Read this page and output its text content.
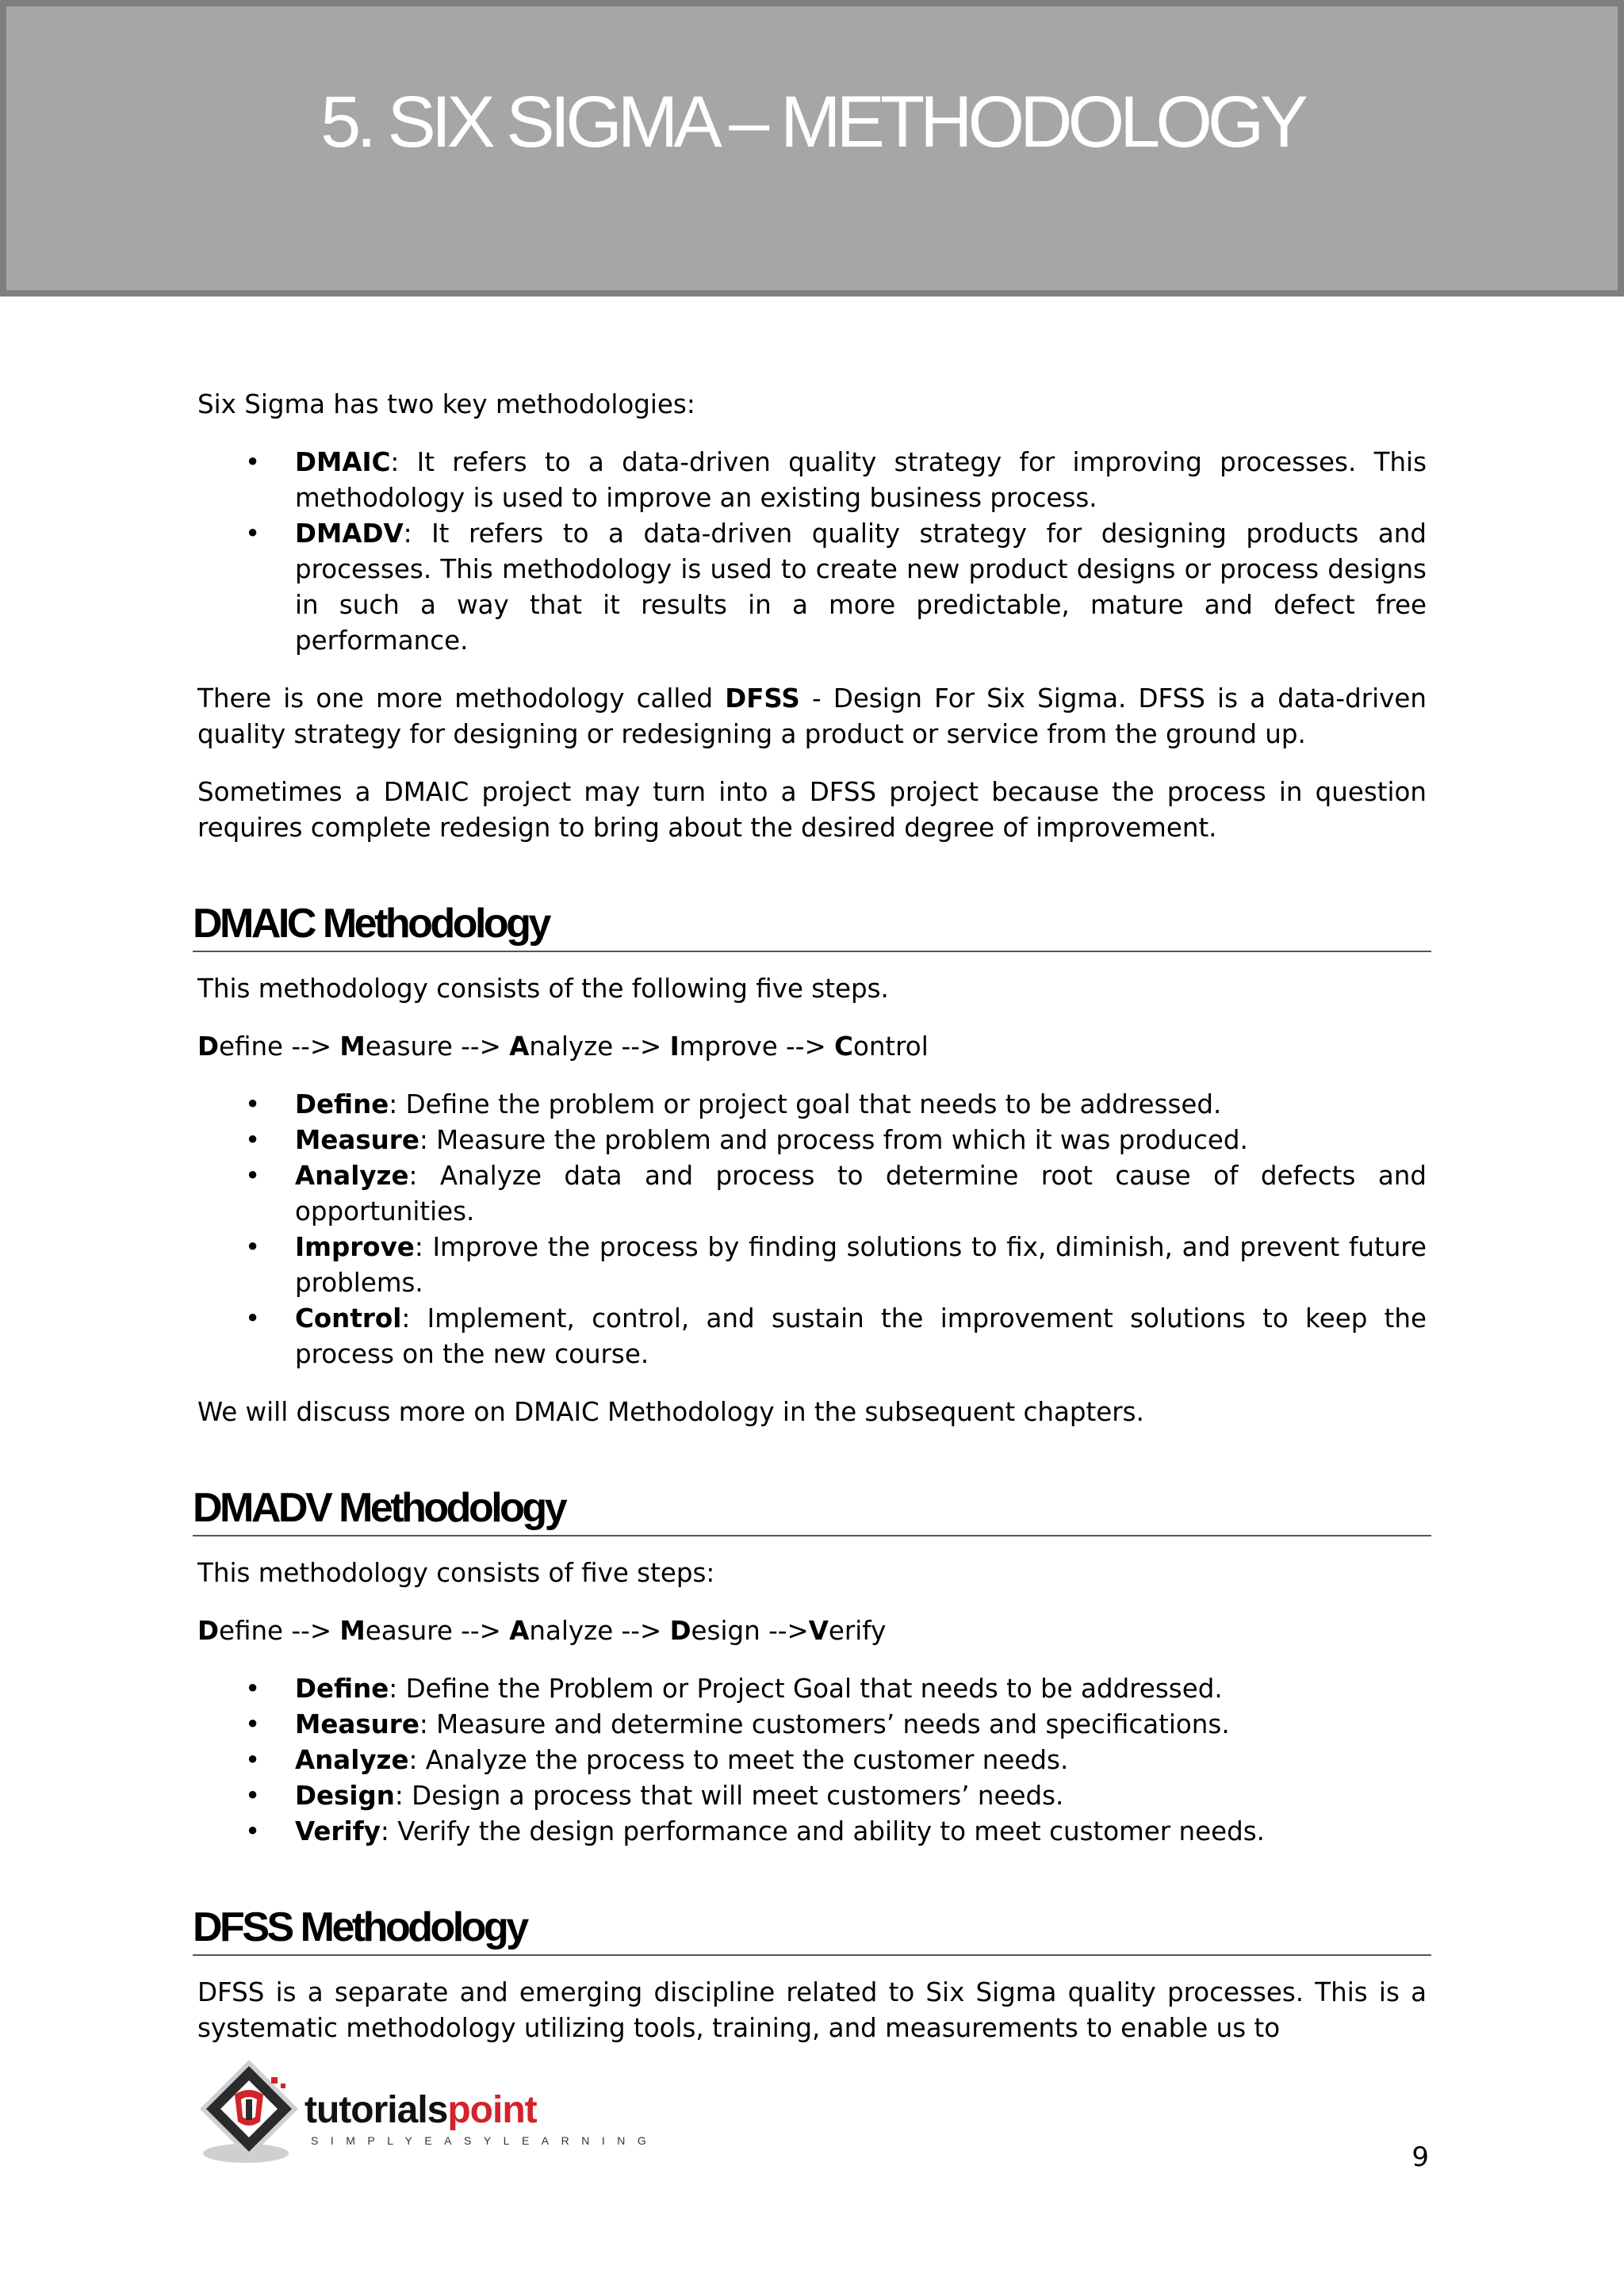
5. SIX SIGMA – METHODOLOGY

Six Sigma has two key methodologies:

• DMAIC: It refers to a data-driven quality strategy for improving processes. This methodology is used to improve an existing business process.
• DMADV: It refers to a data-driven quality strategy for designing products and processes. This methodology is used to create new product designs or process designs in such a way that it results in a more predictable, mature and defect free performance.

There is one more methodology called DFSS - Design For Six Sigma. DFSS is a data-driven quality strategy for designing or redesigning a product or service from the ground up.

Sometimes a DMAIC project may turn into a DFSS project because the process in question requires complete redesign to bring about the desired degree of improvement.

DMAIC Methodology

This methodology consists of the following five steps.

Define --> Measure --> Analyze --> Improve --> Control

• Define: Define the problem or project goal that needs to be addressed.
• Measure: Measure the problem and process from which it was produced.
• Analyze: Analyze data and process to determine root cause of defects and opportunities.
• Improve: Improve the process by finding solutions to fix, diminish, and prevent future problems.
• Control: Implement, control, and sustain the improvement solutions to keep the process on the new course.

We will discuss more on DMAIC Methodology in the subsequent chapters.

DMADV Methodology

This methodology consists of five steps:

Define --> Measure --> Analyze --> Design -->Verify

• Define: Define the Problem or Project Goal that needs to be addressed.
• Measure: Measure and determine customers’ needs and specifications.
• Analyze: Analyze the process to meet the customer needs.
• Design: Design a process that will meet customers’ needs.
• Verify: Verify the design performance and ability to meet customer needs.
DFSS Methodology

DFSS is a separate and emerging discipline related to Six Sigma quality processes. This is a systematic methodology utilizing tools, training, and measurements to enable us to

tutorialspoint
SIMPLYEASYLEARNING
9
